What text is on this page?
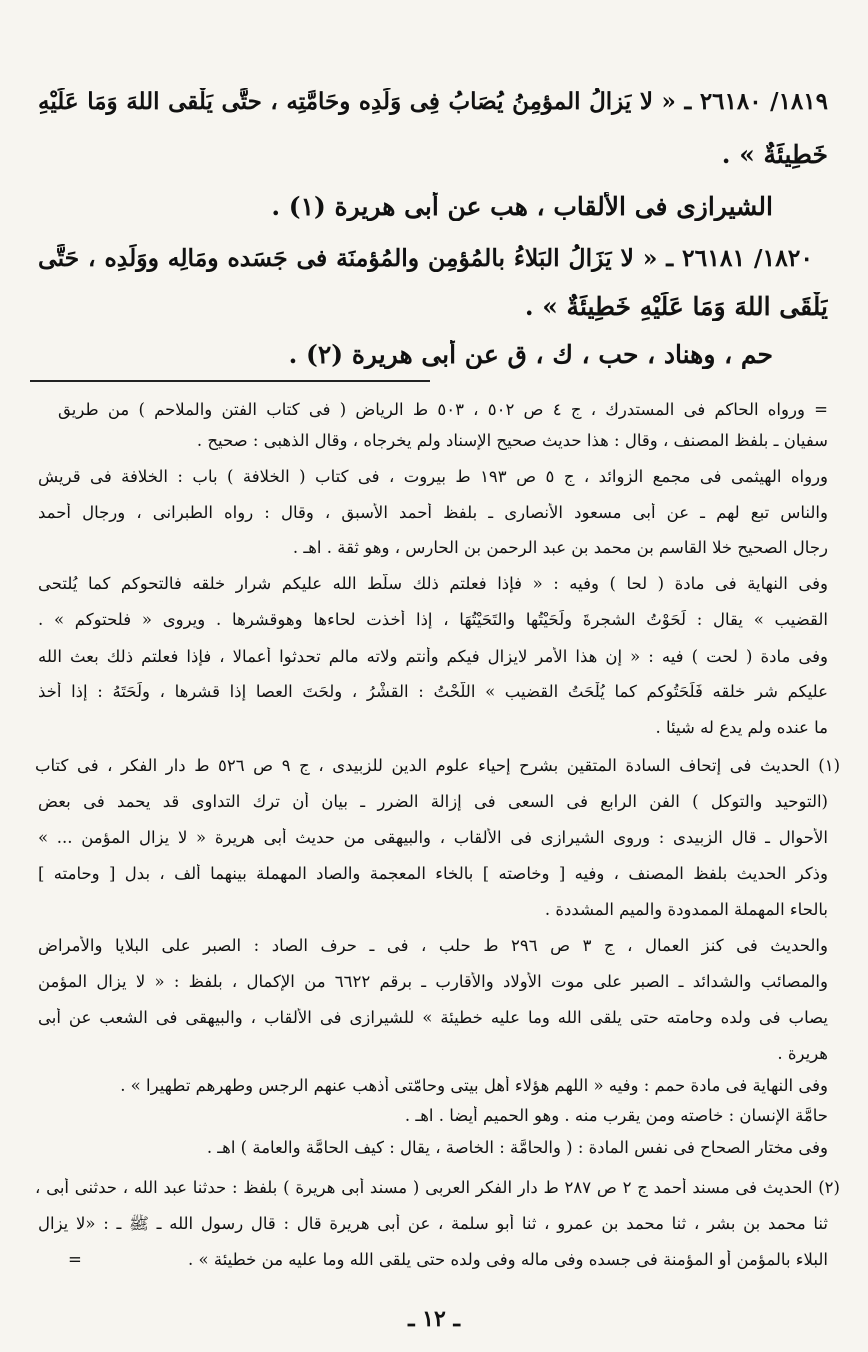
١٨١٩/ ٢٦١٨٠ ـ « لا يَزالُ المؤمِنُ يُصَابُ فِى وَلَدِه وحَامَّتِه ، حتَّى يَلْقى اللهَ وَمَا عَلَيْهِ
خَطِيئَةٌ » .
الشيرازى فى الألقاب ، هب عن أبى هريرة (١) .
١٨٢٠/ ٢٦١٨١ ـ « لا يَزَالُ البَلاءُ بالمُؤمِن والمُؤمنَة فى جَسَده ومَالِه ووَلَدِه ، حَتَّى
يَلْقَى اللهَ وَمَا عَلَيْهِ خَطِيئَةٌ » .
حم ، وهناد ، حب ، ك ، ق عن أبى هريرة (٢) .
= ورواه الحاكم فى المستدرك ، ج ٤ ص ٥٠٢ ، ٥٠٣ ط الرياض ( فى كتاب الفتن والملاحم ) من طريق
سفيان ـ بلفظ المصنف ، وقال : هذا حديث صحيح الإسناد ولم يخرجاه ، وقال الذهبى : صحيح .
ورواه الهيثمى فى مجمع الزوائد ، ج ٥ ص ١٩٣ ط بيروت ، فى كتاب ( الخلافة ) باب : الخلافة فى قريش
والناس تبع لهم ـ عن أبى مسعود الأنصارى ـ بلفظ أحمد الأسبق ، وقال : رواه الطبرانى ، ورجال أحمد
رجال الصحيح خلا القاسم بن محمد بن عبد الرحمن بن الحارس ، وهو ثقة . اهـ .
وفى النهاية فى مادة ( لحا ) وفيه : « فإذا فعلتم ذلك سلّط الله عليكم شرار خلقه فالتحوكم كما يُلتحى
القضيب » يقال : لَحَوْتُ الشجرةَ ولَحَيْتُها والتَحَيْتُهَا ، إذا أخذت لحاءها وهوقشرها . ويروى « فلحتوكم » .
وفى مادة ( لحت ) فيه : « إن هذا الأمر لايزال فيكم وأنتم ولاته مالم تحدثوا أعمالا ، فإذا فعلتم ذلك بعث الله
عليكم شر خلقه فَلَحَتُوكم كما يُلْحَتُ القضيب » اللَّحْتُ : القشْرُ ، ولحَتَ العصا إذا قشرها ، ولَحَتَهُ : إذا أخذ
ما عنده ولم يدع له شيئا .
(١) الحديث فى إتحاف السادة المتقين بشرح إحياء علوم الدين للزبيدى ، ج ٩ ص ٥٢٦ ط دار الفكر ، فى كتاب
(التوحيد والتوكل ) الفن الرابع فى السعى فى إزالة الضرر ـ بيان أن ترك التداوى قد يحمد فى بعض
الأحوال ـ قال الزبيدى : وروى الشيرازى فى الألقاب ، والبيهقى من حديث أبى هريرة « لا يزال المؤمن ... »
وذكر الحديث بلفظ المصنف ، وفيه [ وخاصته ] بالخاء المعجمة والصاد المهملة بينهما ألف ، بدل [ وحامته ]
بالحاء المهملة الممدودة والميم المشددة .
والحديث فى كنز العمال ، ج ٣ ص ٢٩٦ ط حلب ، فى ـ حرف الصاد : الصبر على البلايا والأمراض
والمصائب والشدائد ـ الصبر على موت الأولاد والأقارب ـ برقم ٦٦٢٢ من الإكمال ، بلفظ : « لا يزال المؤمن
يصاب فى ولده وحامته حتى يلقى الله وما عليه خطيئة » للشيرازى فى الألقاب ، والبيهقى فى الشعب عن أبى
هريرة .
وفى النهاية فى مادة حمم : وفيه « اللهم هؤلاء أهل بيتى وحامّتى أذهب عنهم الرجس وطهرهم تطهيرا » .
حامَّة الإنسان : خاصته ومن يقرب منه . وهو الحميم أيضا . اهـ .
وفى مختار الصحاح فى نفس المادة : ( والحامَّة : الخاصة ، يقال : كيف الحامَّة والعامة ) اهـ .
(٢) الحديث فى مسند أحمد ج ٢ ص ٢٨٧ ط دار الفكر العربى ( مسند أبى هريرة ) بلفظ : حدثنا عبد الله ، حدثنى أبى ،
ثنا محمد بن بشر ، ثنا محمد بن عمرو ، ثنا أبو سلمة ، عن أبى هريرة قال : قال رسول الله ـ ﷺ ـ : «لا يزال
البلاء بالمؤمن أو المؤمنة فى جسده وفى ماله وفى ولده حتى يلقى الله وما عليه من خطيئة » .
=
ـ ١٢ ـ
